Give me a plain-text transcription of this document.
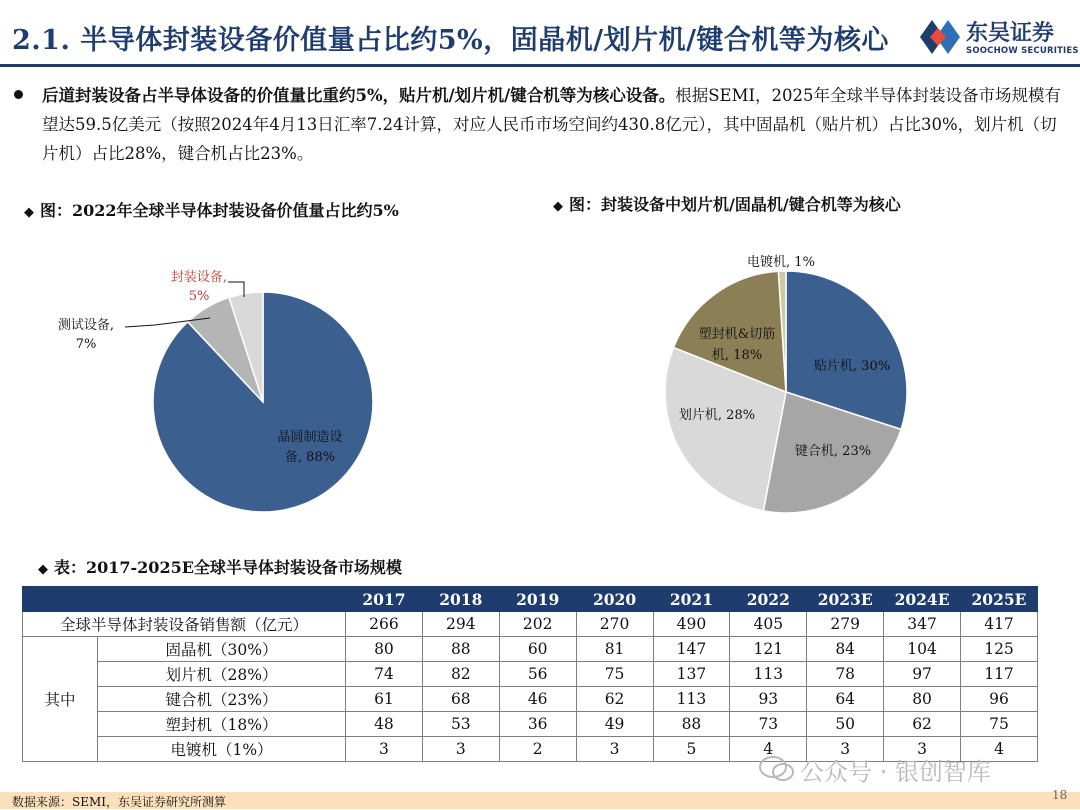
2.1. 半导体封装设备价值量占比约5%，固晶机/划片机/键合机等为核心	东吴证券
SOOCHOW SECURITIES
后道封装设备占半导体设备的价值量比重约5%，贴片机/划片机/键合机等为核心设备。根据SEMI，2025年全球半导体封装设备市场规模有望达59.5亿美元（按照2024年4月13日汇率7.24计算，对应人民币市场空间约430.8亿元），其中固晶机（贴片机）占比30%，划片机（切片机）占比28%，键合机占比23%。
◆ 图：2022年全球半导体封装设备价值量占比约5%	◆ 图：封装设备中划片机/固晶机/键合机等为核心
晶圆制造设
备, 88%
测试设备,
7%
封装设备,
5%
贴片机, 30%
键合机, 23%
划片机, 28%
塑封机&切筋
机, 18%
电镀机, 1%
◆ 表：2017-2025E全球半导体封装设备市场规模
		2017	2018	2019	2020	2021	2022	2023E	2024E	2025E
全球半导体封装设备销售额（亿元）		266	294	202	270	490	405	279	347	417
其中	固晶机（30%）	80	88	60	81	147	121	84	104	125
	划片机（28%）	74	82	56	75	137	113	78	97	117
	键合机（23%）	61	68	46	62	113	93	64	80	96
	塑封机（18%）	48	53	36	49	88	73	50	62	75
	电镀机（1%）	3	3	2	3	5	4	3	3	4
数据来源：SEMI，东吴证券研究所测算	18
公众号 · 银创智库
